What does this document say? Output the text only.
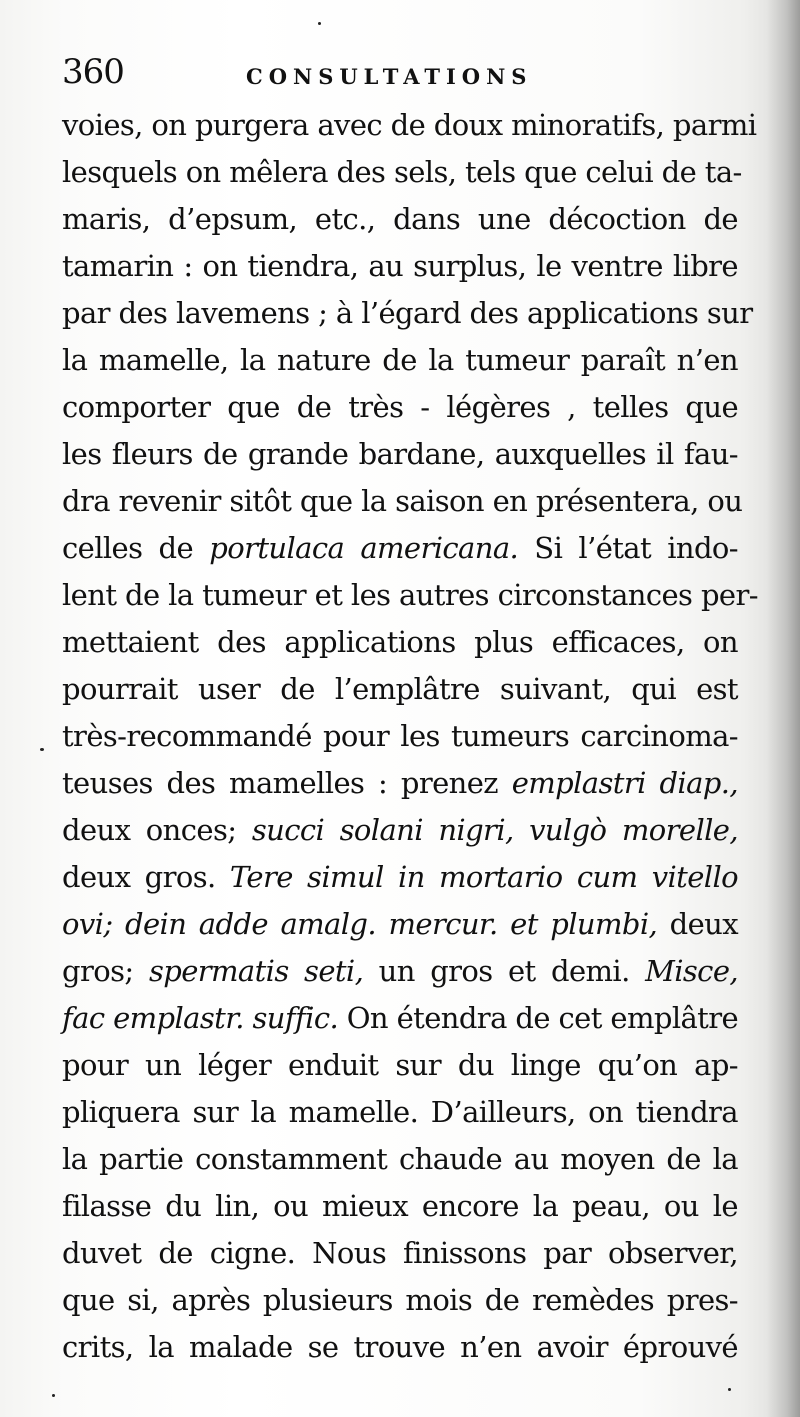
360	CONSULTATIONS
voies, on purgera avec de doux minoratifs, parmi
lesquels on mêlera des sels, tels que celui de ta-
maris, d’epsum, etc., dans une décoction de
tamarin : on tiendra, au surplus, le ventre libre
par des lavemens ; à l’égard des applications sur
la mamelle, la nature de la tumeur paraît n’en
comporter que de très - légères , telles que
les fleurs de grande bardane, auxquelles il fau-
dra revenir sitôt que la saison en présentera, ou
celles de portulaca americana. Si l’état indo-
lent de la tumeur et les autres circonstances per-
mettaient des applications plus efficaces, on
pourrait user de l’emplâtre suivant, qui est
très-recommandé pour les tumeurs carcinoma-
teuses des mamelles : prenez emplastri diap.,
deux onces; succi solani nigri, vulgò morelle,
deux gros. Tere simul in mortario cum vitello
ovi; dein adde amalg. mercur. et plumbi, deux
gros; spermatis seti, un gros et demi. Misce,
fac emplastr. suffic. On étendra de cet emplâtre
pour un léger enduit sur du linge qu’on ap-
pliquera sur la mamelle. D’ailleurs, on tiendra
la partie constamment chaude au moyen de la
filasse du lin, ou mieux encore la peau, ou le
duvet de cigne. Nous finissons par observer,
que si, après plusieurs mois de remèdes pres-
crits, la malade se trouve n’en avoir éprouvé
